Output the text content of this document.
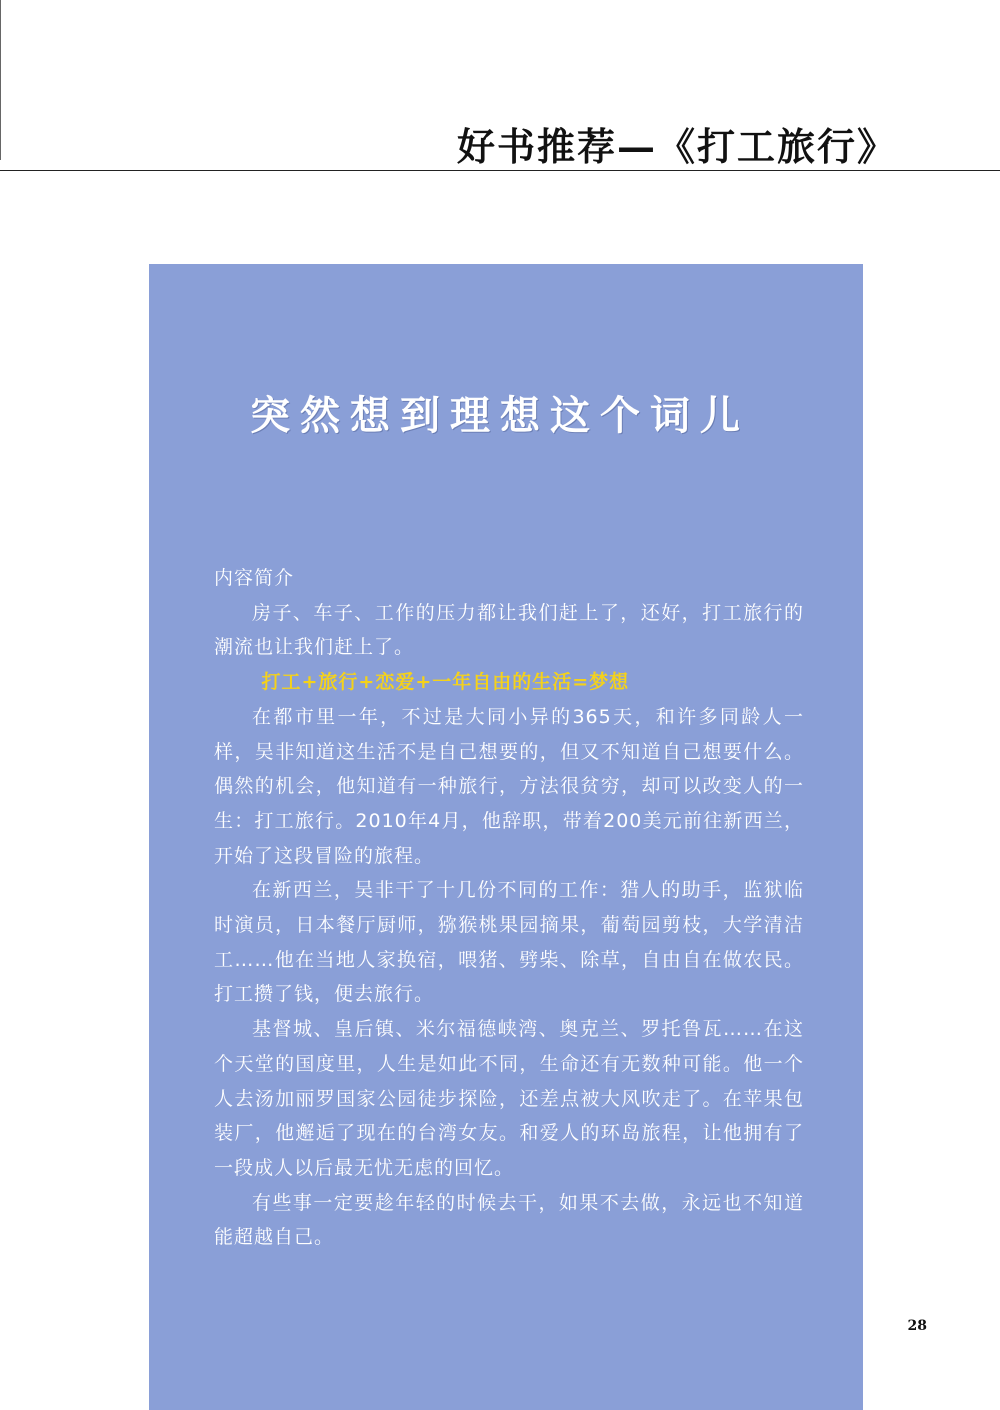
好书推荐—《打工旅行》
突然想到理想这个词儿

内容简介

房子、车子、工作的压力都让我们赶上了，还好，打工旅行的潮流也让我们赶上了。

打工+旅行+恋爱+一年自由的生活=梦想

在都市里一年，不过是大同小异的365天，和许多同龄人一样，吴非知道这生活不是自己想要的，但又不知道自己想要什么。偶然的机会，他知道有一种旅行，方法很贫穷，却可以改变人的一生：打工旅行。2010年4月，他辞职，带着200美元前往新西兰，开始了这段冒险的旅程。

在新西兰，吴非干了十几份不同的工作：猎人的助手，监狱临时演员，日本餐厅厨师，猕猴桃果园摘果，葡萄园剪枝，大学清洁工……他在当地人家换宿，喂猪、劈柴、除草，自由自在做农民。打工攒了钱，便去旅行。

基督城、皇后镇、米尔福德峡湾、奥克兰、罗托鲁瓦……在这个天堂的国度里，人生是如此不同，生命还有无数种可能。他一个人去汤加丽罗国家公园徒步探险，还差点被大风吹走了。在苹果包装厂，他邂逅了现在的台湾女友。和爱人的环岛旅程，让他拥有了一段成人以后最无忧无虑的回忆。

有些事一定要趁年轻的时候去干，如果不去做，永远也不知道能超越自己。

28
